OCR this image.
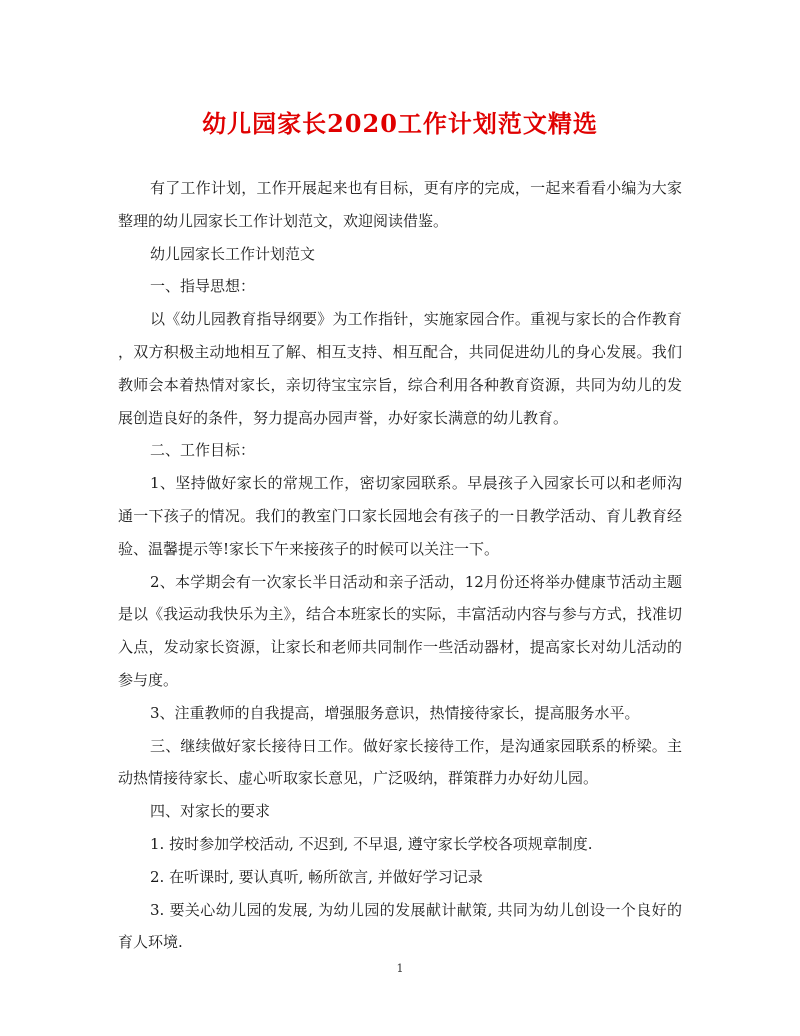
幼儿园家长2020工作计划范文精选

有了工作计划，工作开展起来也有目标，更有序的完成，一起来看看小编为大家整理的幼儿园家长工作计划范文，欢迎阅读借鉴。

幼儿园家长工作计划范文

一、指导思想：

以《幼儿园教育指导纲要》为工作指针，实施家园合作。重视与家长的合作教育，双方积极主动地相互了解、相互支持、相互配合，共同促进幼儿的身心发展。我们教师会本着热情对家长，亲切待宝宝宗旨，综合利用各种教育资源，共同为幼儿的发展创造良好的条件，努力提高办园声誉，办好家长满意的幼儿教育。

二、工作目标：

1、坚持做好家长的常规工作，密切家园联系。早晨孩子入园家长可以和老师沟通一下孩子的情况。我们的教室门口家长园地会有孩子的一日教学活动、育儿教育经验、温馨提示等!家长下午来接孩子的时候可以关注一下。

2、本学期会有一次家长半日活动和亲子活动，12月份还将举办健康节活动主题是以《我运动我快乐为主》，结合本班家长的实际，丰富活动内容与参与方式，找准切入点，发动家长资源，让家长和老师共同制作一些活动器材，提高家长对幼儿活动的参与度。

3、注重教师的自我提高，增强服务意识，热情接待家长，提高服务水平。

三、继续做好家长接待日工作。做好家长接待工作，是沟通家园联系的桥梁。主动热情接待家长、虚心听取家长意见，广泛吸纳，群策群力办好幼儿园。

四、对家长的要求

1. 按时参加学校活动, 不迟到, 不早退, 遵守家长学校各项规章制度.

2. 在听课时, 要认真听, 畅所欲言, 并做好学习记录

3. 要关心幼儿园的发展, 为幼儿园的发展献计献策, 共同为幼儿创设一个良好的育人环境.

1
